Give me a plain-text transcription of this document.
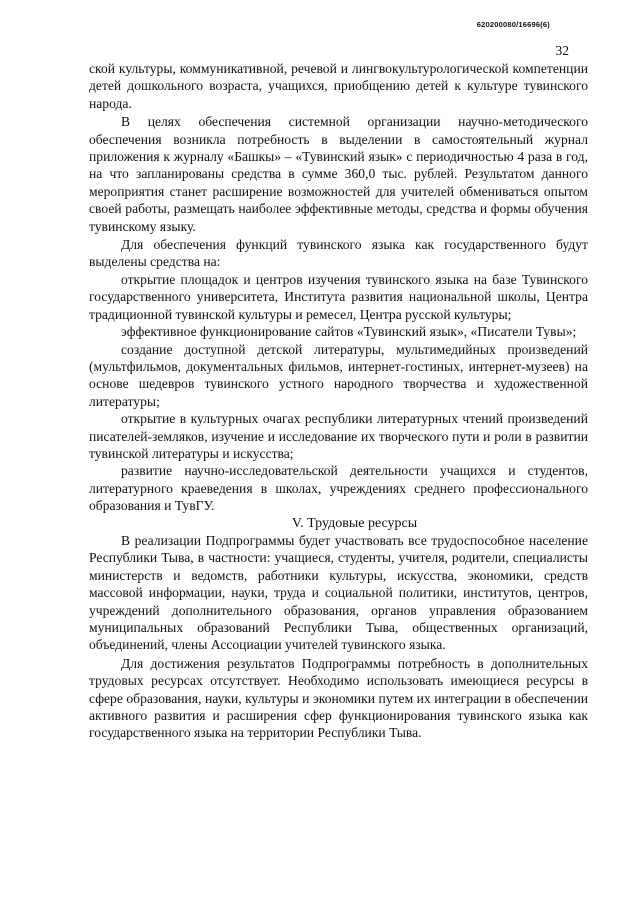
620200080/16696(6)
32

ской культуры, коммуникативной, речевой и лингвокультурологической компетенции детей дошкольного возраста, учащихся, приобщению детей к культуре тувинского народа.

В целях обеспечения системной организации научно-методического обеспечения возникла потребность в выделении в самостоятельный журнал приложения к журналу «Башкы» – «Тувинский язык» с периодичностью 4 раза в год, на что запланированы средства в сумме 360,0 тыс. рублей. Результатом данного мероприятия станет расширение возможностей для учителей обмениваться опытом своей работы, размещать наиболее эффективные методы, средства и формы обучения тувинскому языку.

Для обеспечения функций тувинского языка как государственного будут выделены средства на:

открытие площадок и центров изучения тувинского языка на базе Тувинского государственного университета, Института развития национальной школы, Центра традиционной тувинской культуры и ремесел, Центра русской культуры;

эффективное функционирование сайтов «Тувинский язык», «Писатели Тувы»;

создание доступной детской литературы, мультимедийных произведений (мультфильмов, документальных фильмов, интернет-гостиных, интернет-музеев) на основе шедевров тувинского устного народного творчества и художественной литературы;

открытие в культурных очагах республики литературных чтений произведений писателей-земляков, изучение и исследование их творческого пути и роли в развитии тувинской литературы и искусства;

развитие научно-исследовательской деятельности учащихся и студентов, литературного краеведения в школах, учреждениях среднего профессионального образования и ТувГУ.

V. Трудовые ресурсы

В реализации Подпрограммы будет участвовать все трудоспособное население Республики Тыва, в частности: учащиеся, студенты, учителя, родители, специалисты министерств и ведомств, работники культуры, искусства, экономики, средств массовой информации, науки, труда и социальной политики, институтов, центров, учреждений дополнительного образования, органов управления образованием муниципальных образований Республики Тыва, общественных организаций, объединений, члены Ассоциации учителей тувинского языка.

Для достижения результатов Подпрограммы потребность в дополнительных трудовых ресурсах отсутствует. Необходимо использовать имеющиеся ресурсы в сфере образования, науки, культуры и экономики путем их интеграции в обеспечении активного развития и расширения сфер функционирования тувинского языка как государственного языка на территории Республики Тыва.
